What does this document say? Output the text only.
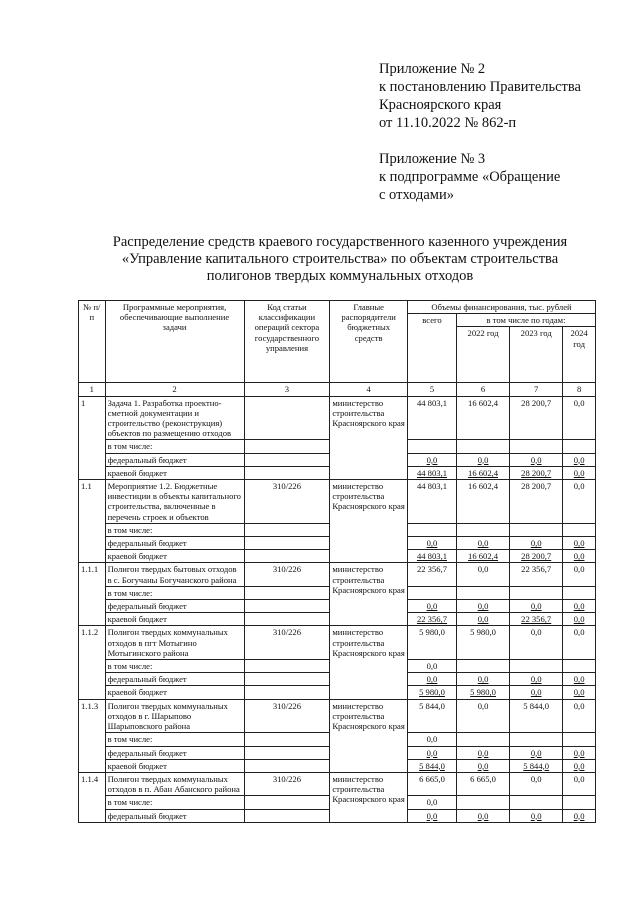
Приложение № 2
к постановлению Правительства
Красноярского края
от 11.10.2022 № 862-п
Приложение № 3
к подпрограмме «Обращение
с отходами»
Распределение средств краевого государственного казенного учреждения
«Управление капитального строительства» по объектам строительства
полигонов твердых коммунальных отходов
№ п/п	Программные мероприятия, обеспечивающие выполнение задачи	Код статьи классификации операций сектора государственного управления	Главные распорядители бюджетных средств	Объемы финансирования, тыс. рублей			
				всего	в том числе по годам:		
					2022 год	2023 год	2024 год
1	2	3	4	5	6	7	8
1	Задача 1. Разработка проектно-сметной документации и строительство (реконструкция) объектов по размещению отходов		министерство строительства Красноярского края	44 803,1	16 602,4	28 200,7	0,0
	в том числе:						
	федеральный бюджет			0,0	0,0	0,0	0,0
	краевой бюджет			44 803,1	16 602,4	28 200,7	0,0
1.1	Мероприятие 1.2. Бюджетные инвестиции в объекты капитального строительства, включенные в перечень строек и объектов	310/226	министерство строительства Красноярского края	44 803,1	16 602,4	28 200,7	0,0
	в том числе:						
	федеральный бюджет			0,0	0,0	0,0	0,0
	краевой бюджет			44 803,1	16 602,4	28 200,7	0,0
1.1.1	Полигон твердых бытовых отходов в с. Богучаны Богучанского района	310/226	министерство строительства Красноярского края	22 356,7	0,0	22 356,7	0,0
	в том числе:						
	федеральный бюджет			0,0	0,0	0,0	0,0
	краевой бюджет			22 356,7	0,0	22 356,7	0,0
1.1.2	Полигон твердых коммунальных отходов в пгт Мотыгино Мотыгинского района	310/226	министерство строительства Красноярского края	5 980,0	5 980,0	0,0	0,0
	в том числе:			0,0			
	федеральный бюджет			0,0	0,0	0,0	0,0
	краевой бюджет			5 980,0	5 980,0	0,0	0,0
1.1.3	Полигон твердых коммунальных отходов в г. Шарыпово Шарыповского района	310/226	министерство строительства Красноярского края	5 844,0	0,0	5 844,0	0,0
	в том числе:			0,0			
	федеральный бюджет			0,0	0,0	0,0	0,0
	краевой бюджет			5 844,0	0,0	5 844,0	0,0
1.1.4	Полигон твердых коммунальных отходов в п. Абан Абанского района	310/226	министерство строительства Красноярского края	6 665,0	6 665,0	0,0	0,0
	в том числе:			0,0			
	федеральный бюджет			0,0	0,0	0,0	0,0
